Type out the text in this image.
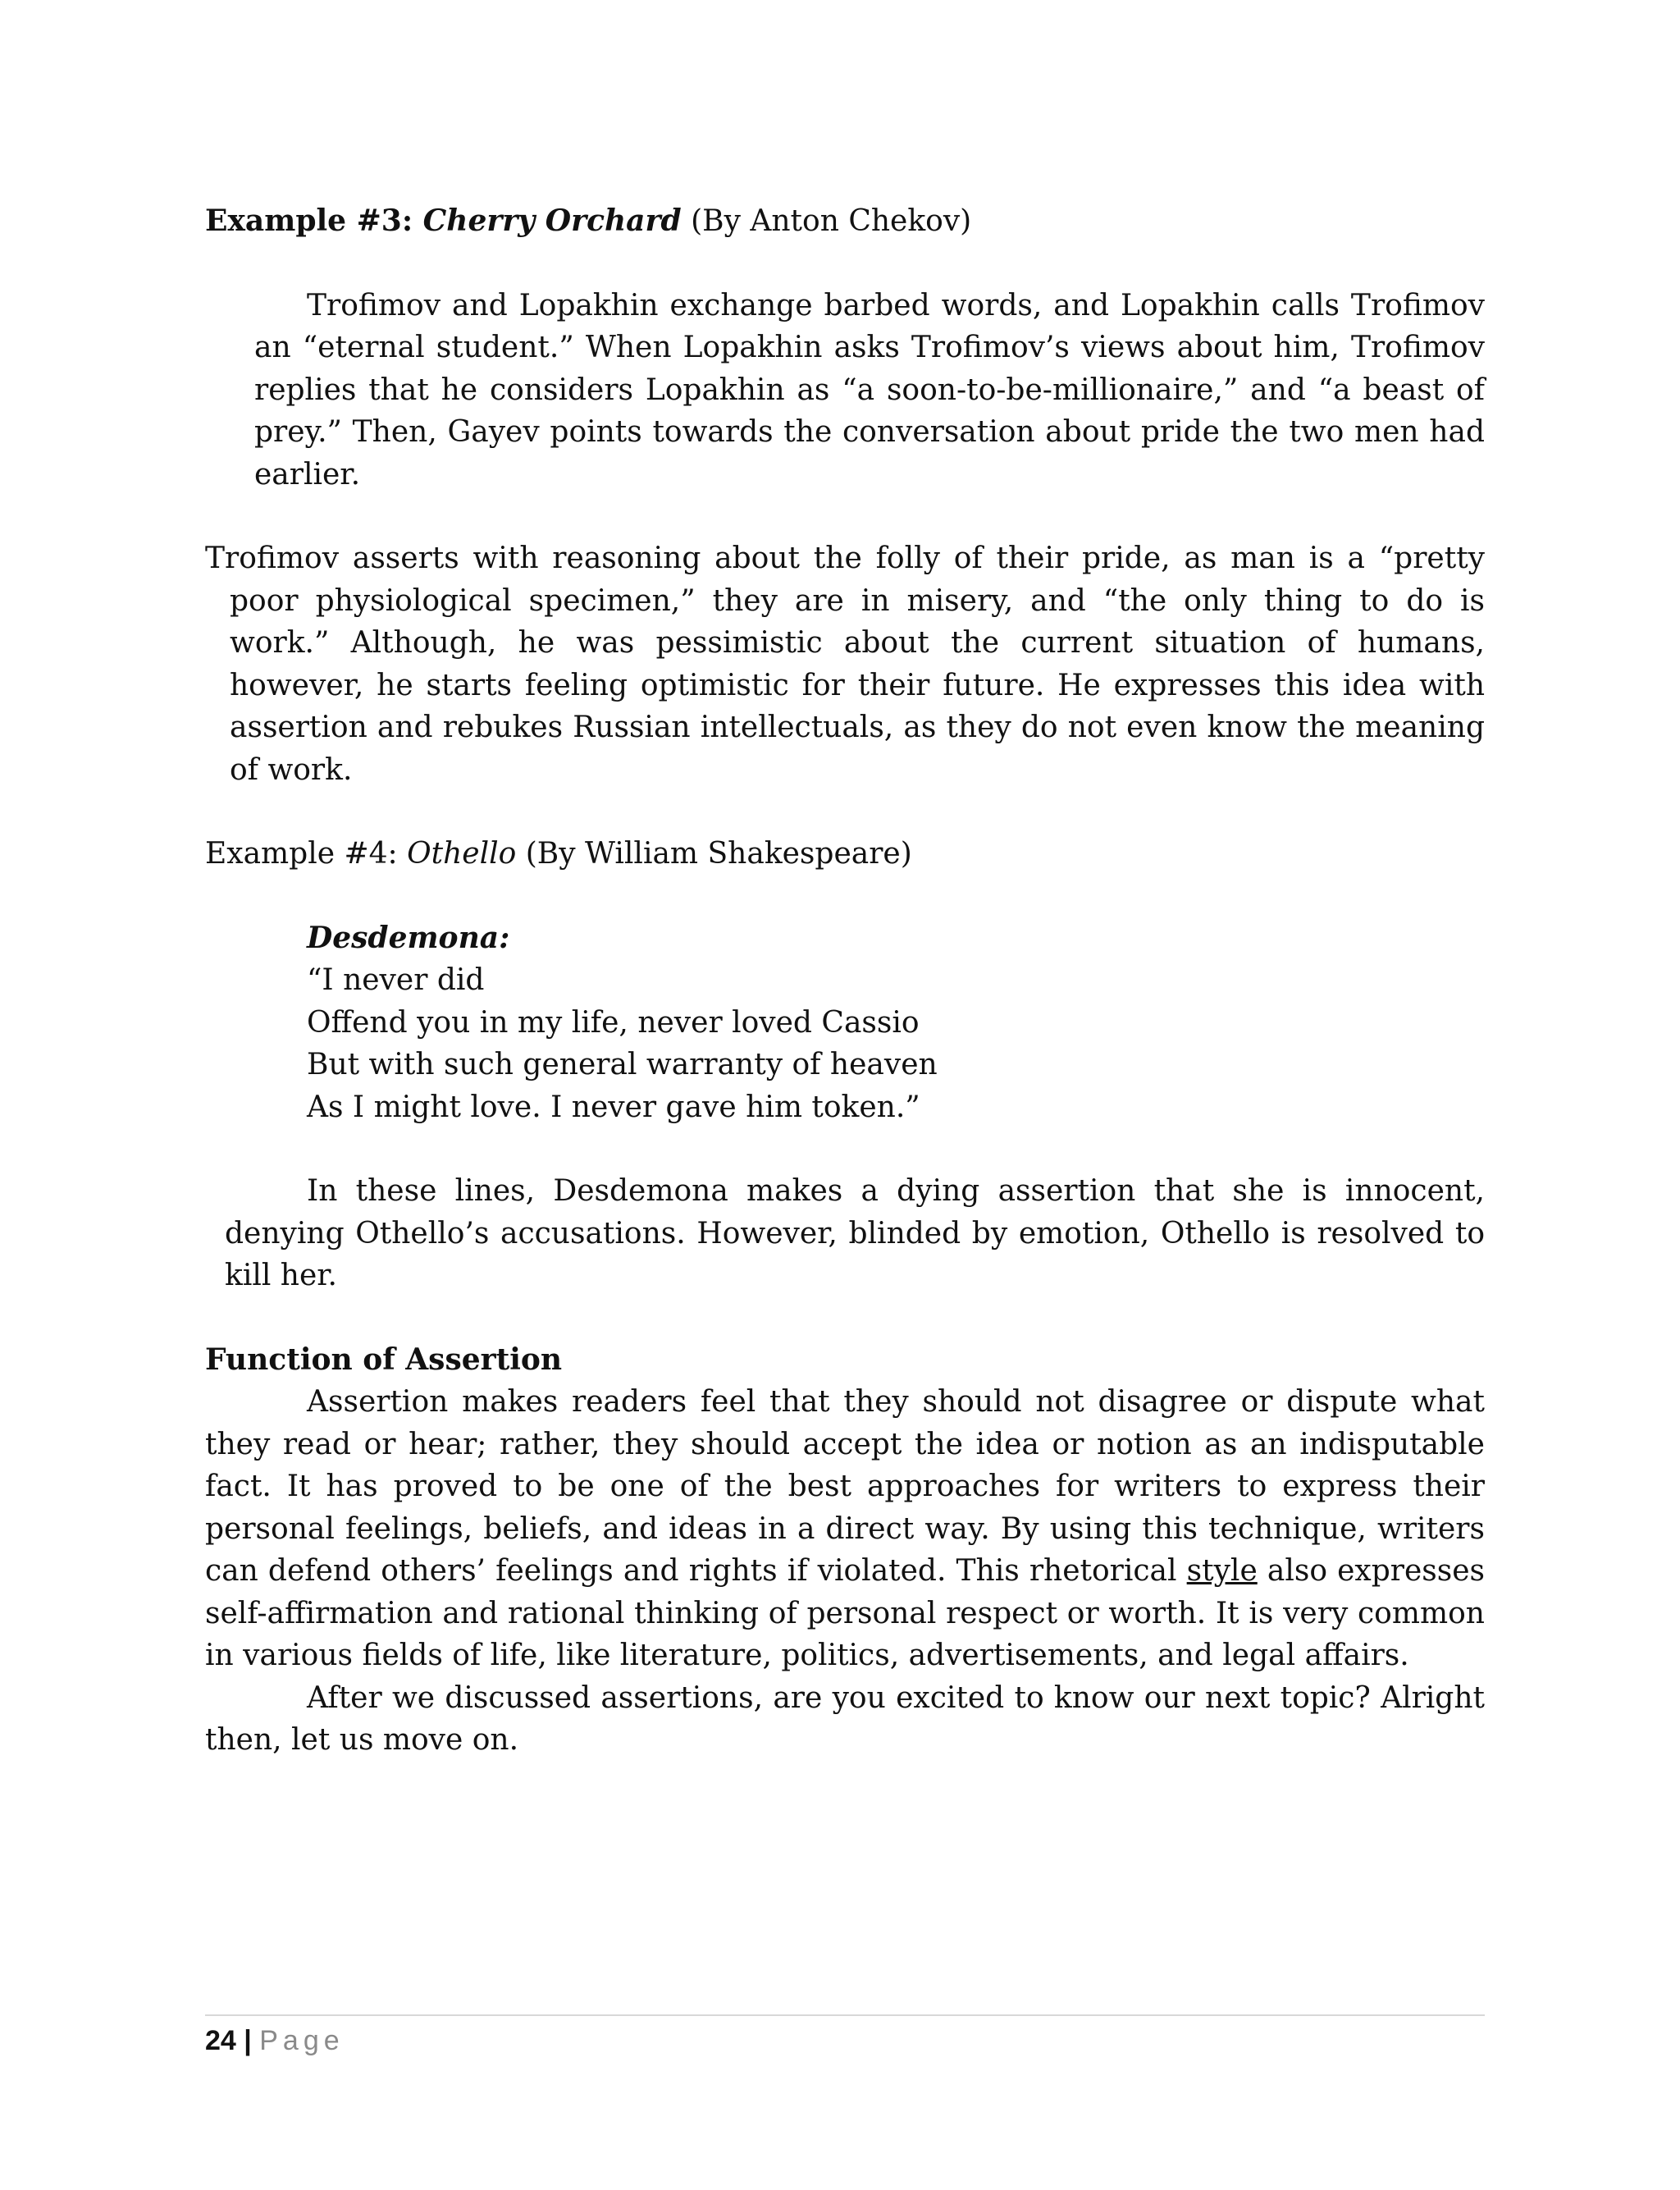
Example #3: Cherry Orchard (By Anton Chekov)

Trofimov and Lopakhin exchange barbed words, and Lopakhin calls Trofimov an “eternal student.” When Lopakhin asks Trofimov’s views about him, Trofimov replies that he considers Lopakhin as “a soon-to-be-millionaire,” and “a beast of prey.” Then, Gayev points towards the conversation about pride the two men had earlier.

Trofimov asserts with reasoning about the folly of their pride, as man is a “pretty poor physiological specimen,” they are in misery, and “the only thing to do is work.” Although, he was pessimistic about the current situation of humans, however, he starts feeling optimistic for their future. He expresses this idea with assertion and rebukes Russian intellectuals, as they do not even know the meaning of work.

Example #4: Othello (By William Shakespeare)

Desdemona:

“I never did

Offend you in my life, never loved Cassio

But with such general warranty of heaven

As I might love. I never gave him token.”

In these lines, Desdemona makes a dying assertion that she is innocent, denying Othello’s accusations. However, blinded by emotion, Othello is resolved to kill her.

Function of Assertion

Assertion makes readers feel that they should not disagree or dispute what they read or hear; rather, they should accept the idea or notion as an indisputable fact. It has proved to be one of the best approaches for writers to express their personal feelings, beliefs, and ideas in a direct way. By using this technique, writers can defend others’ feelings and rights if violated. This rhetorical style also expresses self-affirmation and rational thinking of personal respect or worth. It is very common in various fields of life, like literature, politics, advertisements, and legal affairs.

After we discussed assertions, are you excited to know our next topic? Alright then, let us move on.

24 | Page
